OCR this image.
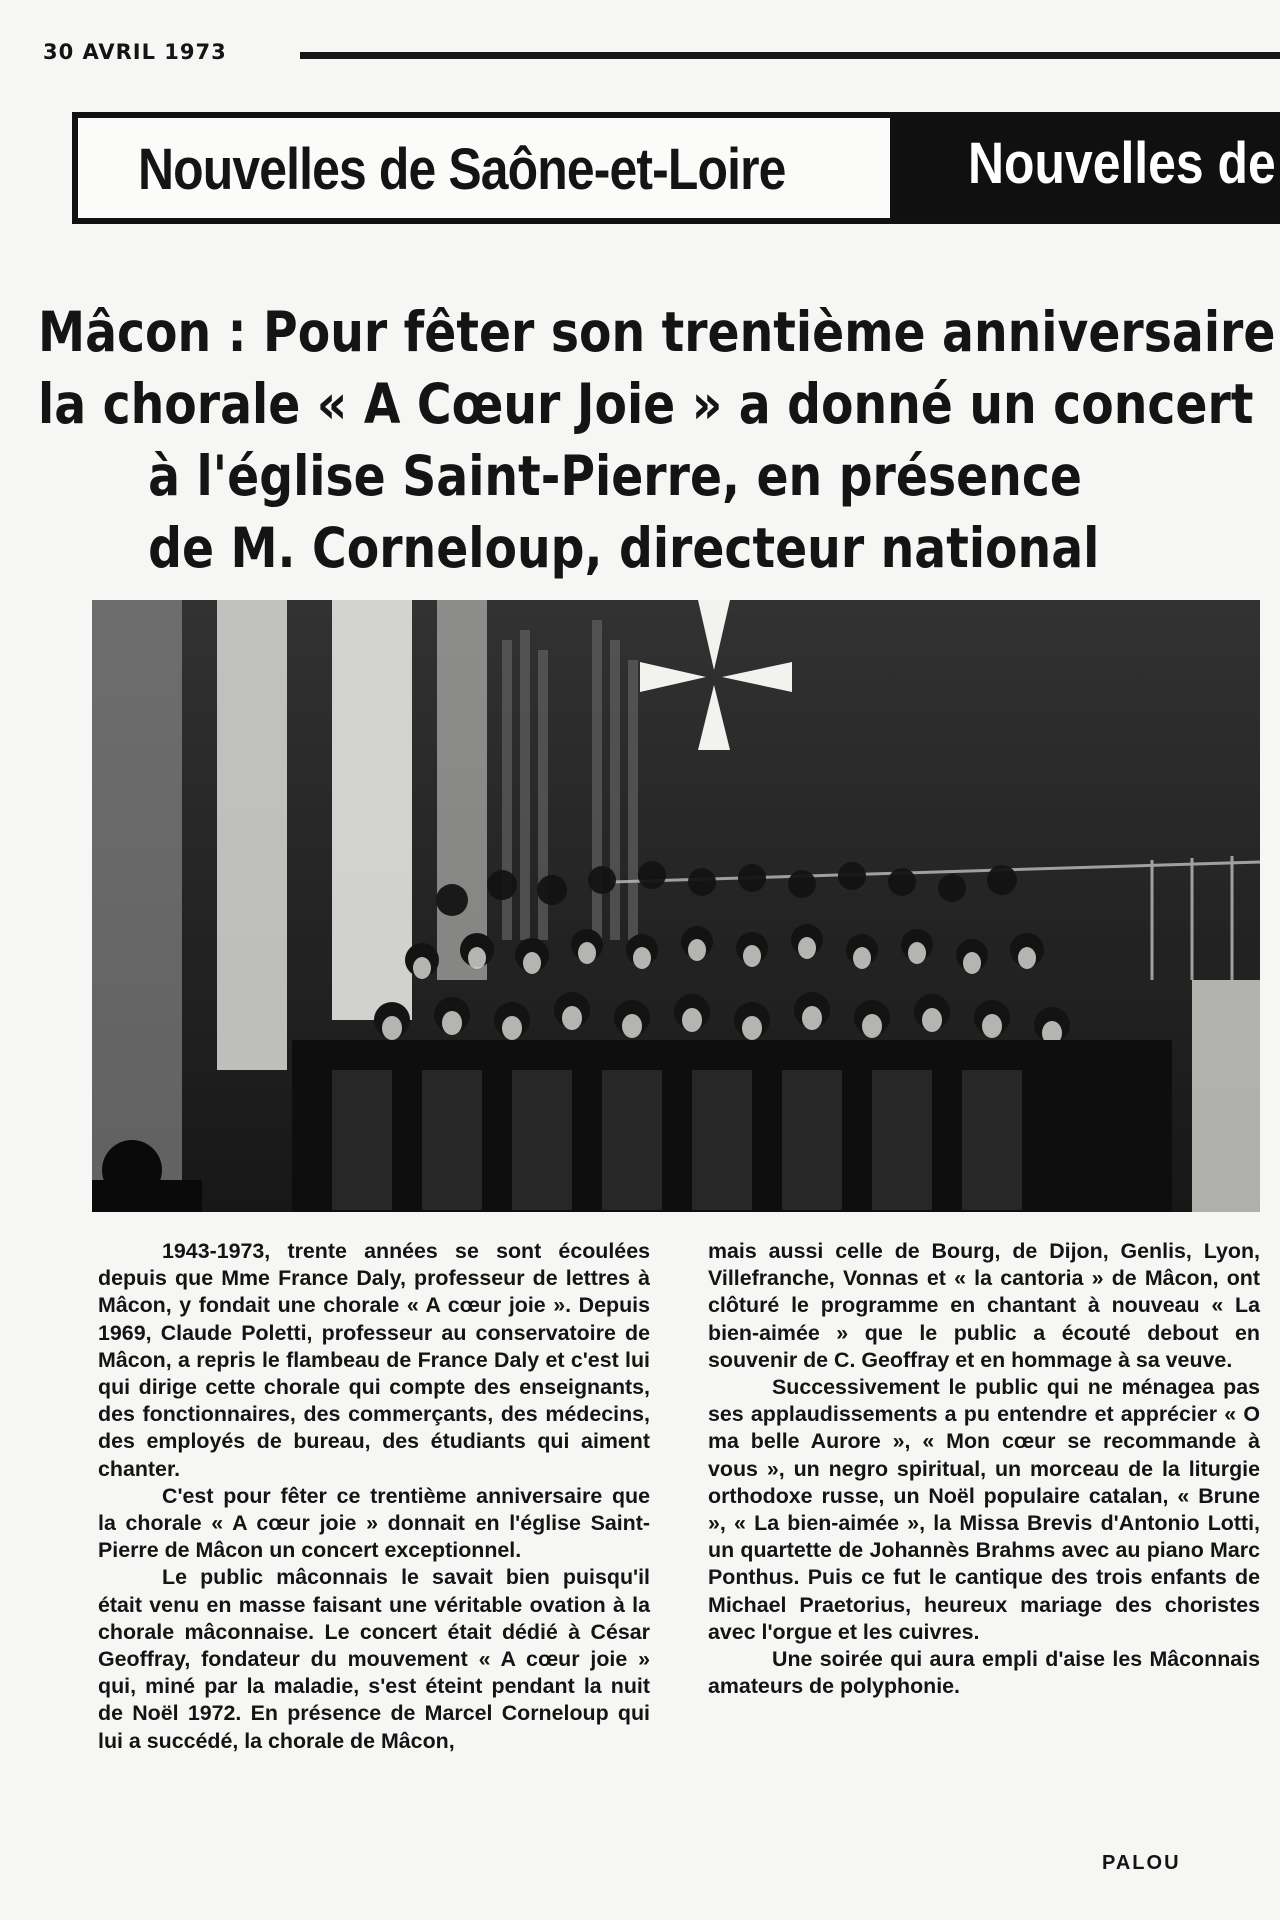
30 AVRIL 1973
Nouvelles de Saône-et-Loire	Nouvelles de
Mâcon : Pour fêter son trentième anniversaire
la chorale « A Cœur Joie » a donné un concert
à l'église Saint-Pierre, en présence
de M. Corneloup, directeur national

1943-1973, trente années se sont écoulées depuis que Mme France Daly, professeur de lettres à Mâcon, y fondait une chorale « A cœur joie ». Depuis 1969, Claude Poletti, professeur au conservatoire de Mâcon, a repris le flambeau de France Daly et c'est lui qui dirige cette chorale qui compte des enseignants, des fonctionnaires, des commerçants, des médecins, des employés de bureau, des étudiants qui aiment chanter.

C'est pour fêter ce trentième anniversaire que la chorale « A cœur joie » donnait en l'église Saint-Pierre de Mâcon un concert exceptionnel.

Le public mâconnais le savait bien puisqu'il était venu en masse faisant une véritable ovation à la chorale mâconnaise. Le concert était dédié à César Geoffray, fondateur du mouvement « A cœur joie » qui, miné par la maladie, s'est éteint pendant la nuit de Noël 1972. En présence de Marcel Corneloup qui lui a succédé, la chorale de Mâcon,

mais aussi celle de Bourg, de Dijon, Genlis, Lyon, Villefranche, Vonnas et « la cantoria » de Mâcon, ont clôturé le programme en chantant à nouveau « La bien-aimée » que le public a écouté debout en souvenir de C. Geoffray et en hommage à sa veuve.

Successivement le public qui ne ménagea pas ses applaudissements a pu entendre et apprécier « O ma belle Aurore », « Mon cœur se recommande à vous », un negro spiritual, un morceau de la liturgie orthodoxe russe, un Noël populaire catalan, « Brune », « La bien-aimée », la Missa Brevis d'Antonio Lotti, un quartette de Johannès Brahms avec au piano Marc Ponthus. Puis ce fut le cantique des trois enfants de Michael Praetorius, heureux mariage des choristes avec l'orgue et les cuivres.

Une soirée qui aura empli d'aise les Mâconnais amateurs de polyphonie.

PALOU
